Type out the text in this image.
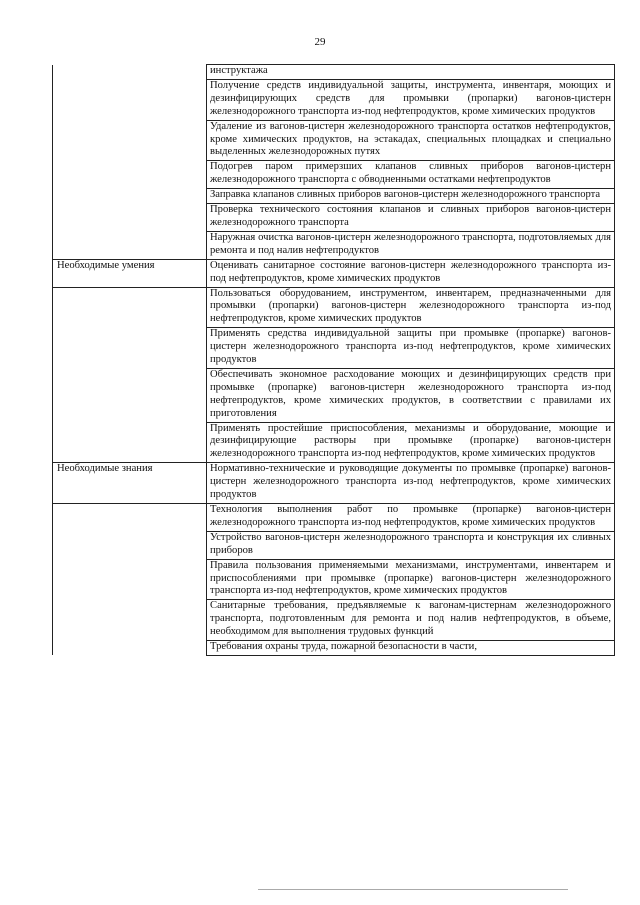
29
	инструктажа
	Получение средств индивидуальной защиты, инструмента, инвентаря, моющих и дезинфицирующих средств для промывки (пропарки) вагонов-цистерн железнодорожного транспорта из-под нефтепродуктов, кроме химических продуктов
	Удаление из вагонов-цистерн железнодорожного транспорта остатков нефтепродуктов, кроме химических продуктов, на эстакадах, специальных площадках и специально выделенных железнодорожных путях
	Подогрев паром примерзших клапанов сливных приборов вагонов-цистерн железнодорожного транспорта с обводненными остатками нефтепродуктов
	Заправка клапанов сливных приборов вагонов-цистерн железнодорожного транспорта
	Проверка технического состояния клапанов и сливных приборов вагонов-цистерн железнодорожного транспорта
	Наружная очистка вагонов-цистерн железнодорожного транспорта, подготовляемых для ремонта и под налив нефтепродуктов
Необходимые умения	Оценивать санитарное состояние вагонов-цистерн железнодорожного транспорта из-под нефтепродуктов, кроме химических продуктов
	Пользоваться оборудованием, инструментом, инвентарем, предназначенными для промывки (пропарки) вагонов-цистерн железнодорожного транспорта из-под нефтепродуктов, кроме химических продуктов
	Применять средства индивидуальной защиты при промывке (пропарке) вагонов-цистерн железнодорожного транспорта из-под нефтепродуктов, кроме химических продуктов
	Обеспечивать экономное расходование моющих и дезинфицирующих средств при промывке (пропарке) вагонов-цистерн железнодорожного транспорта из-под нефтепродуктов, кроме химических продуктов, в соответствии с правилами их приготовления
	Применять простейшие приспособления, механизмы и оборудование, моющие и дезинфицирующие растворы при промывке (пропарке) вагонов-цистерн железнодорожного транспорта из-под нефтепродуктов, кроме химических продуктов
Необходимые знания	Нормативно-технические и руководящие документы по промывке (пропарке) вагонов-цистерн железнодорожного транспорта из-под нефтепродуктов, кроме химических продуктов
	Технология выполнения работ по промывке (пропарке) вагонов-цистерн железнодорожного транспорта из-под нефтепродуктов, кроме химических продуктов
	Устройство вагонов-цистерн железнодорожного транспорта и конструкция их сливных приборов
	Правила пользования применяемыми механизмами, инструментами, инвентарем и приспособлениями при промывке (пропарке) вагонов-цистерн железнодорожного транспорта из-под нефтепродуктов, кроме химических продуктов
	Санитарные требования, предъявляемые к вагонам-цистернам железнодорожного транспорта, подготовленным для ремонта и под налив нефтепродуктов, в объеме, необходимом для выполнения трудовых функций
	Требования охраны труда, пожарной безопасности в части,
